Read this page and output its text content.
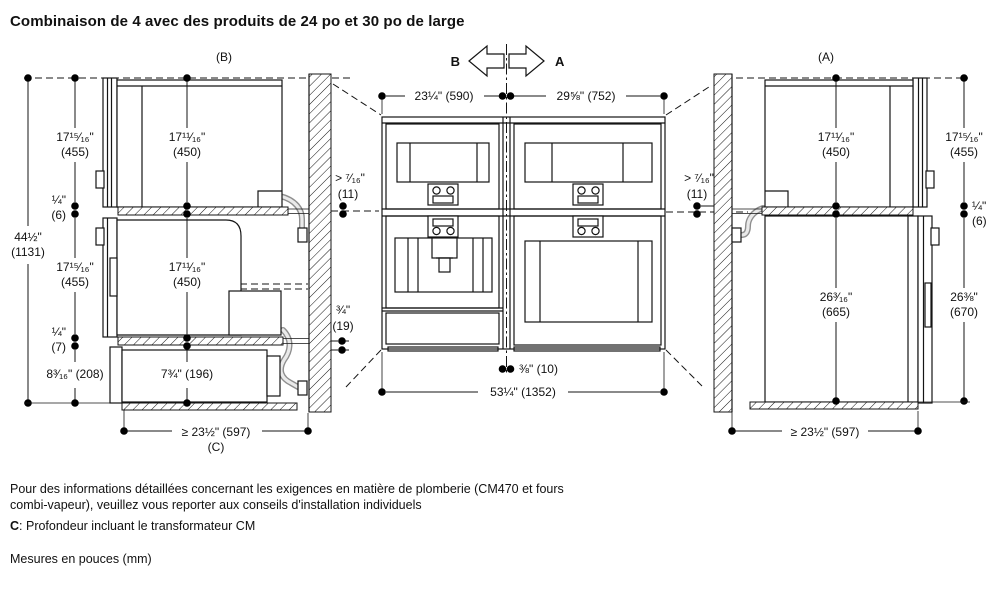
Combinaison de 4 avec des produits de 24 po et 30 po de large
(B)
44½"
(1131)
17¹⁵⁄₁₆"
(455)
¼"
(6)
17¹⁵⁄₁₆"
(455)
¼"
(7)
8³⁄₁₆" (208)
17¹¹⁄₁₆"
(450)
17¹¹⁄₁₆"
(450)
7¾" (196)
> ⁷⁄₁₆"
(11)
¾"
(19)
≥ 23½" (597)
(C)
B	A
23¼" (590)	29⅝" (752)
⅜" (10)
53¼" (1352)
(A)
> ⁷⁄₁₆"
(11)
17¹¹⁄₁₆"
(450)
26³⁄₁₆"
(665)
17¹⁵⁄₁₆"
(455)
¼"
(6)
26⅜"
(670)
≥ 23½" (597)
Pour des informations détaillées concernant les exigences en matière de plomberie (CM470 et fours
combi-vapeur), veuillez vous reporter aux conseils d'installation individuels
C: Profondeur incluant le transformateur CM
Mesures en pouces (mm)
